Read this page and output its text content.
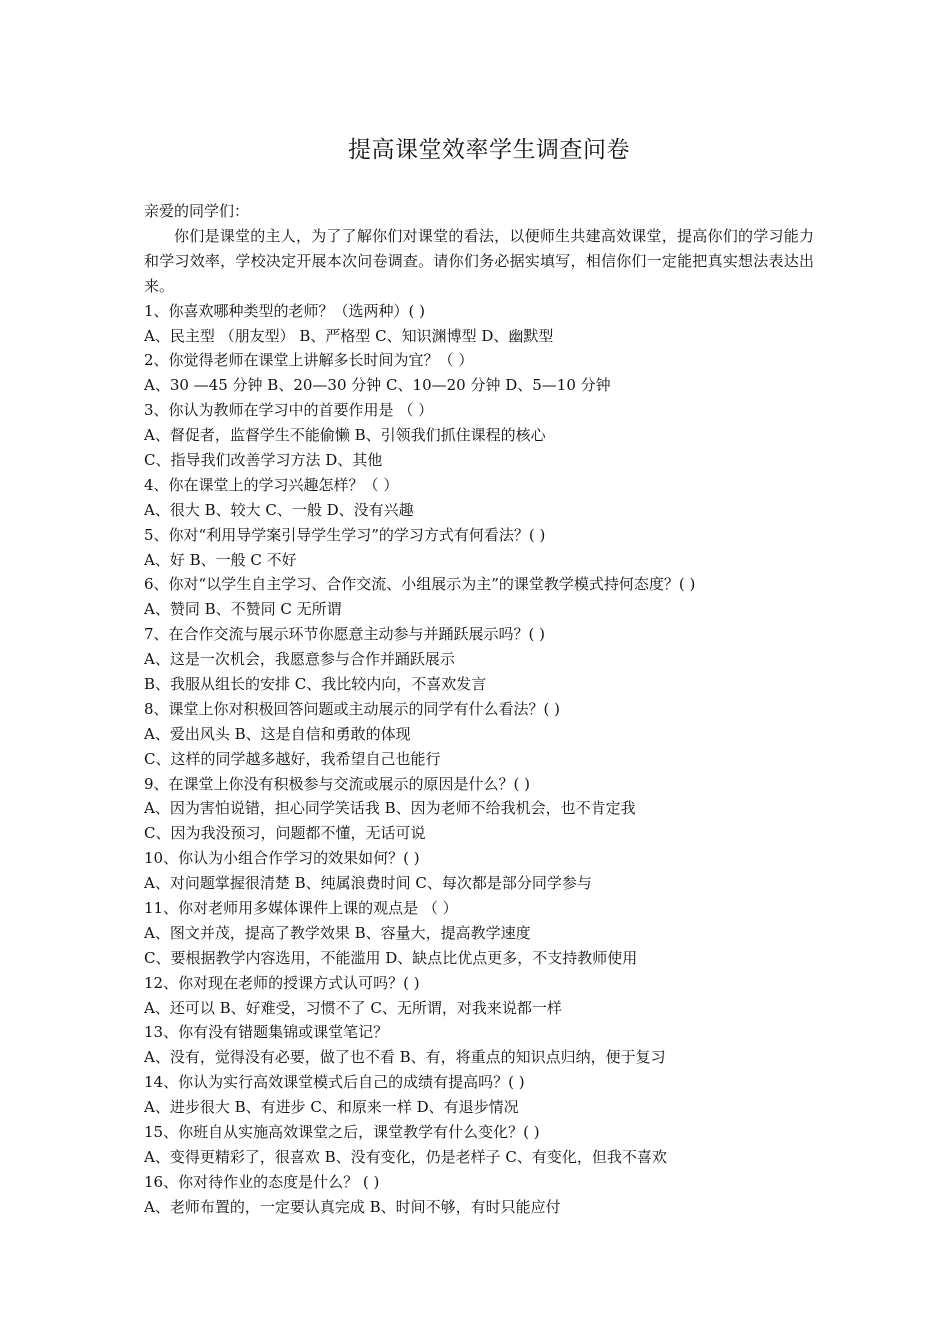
提高课堂效率学生调查问卷
亲爱的同学们：
你们是课堂的主人，为了了解你们对课堂的看法，以便师生共建高效课堂，提高你们的学习能力和学习效率，学校决定开展本次问卷调查。请你们务必据实填写，相信你们一定能把真实想法表达出来。
1、你喜欢哪种类型的老师？（选两种）( )
A、民主型 （朋友型） B、严格型 C、知识渊博型 D、幽默型
2、你觉得老师在课堂上讲解多长时间为宜？（ ）
A、30 —45 分钟 B、20—30 分钟 C、10—20 分钟 D、5—10 分钟
3、你认为教师在学习中的首要作用是 （ ）
A、督促者，监督学生不能偷懒 B、引领我们抓住课程的核心
C、指导我们改善学习方法 D、其他
4、你在课堂上的学习兴趣怎样？（ ）
A、很大 B、较大 C、一般 D、没有兴趣
5、你对“利用导学案引导学生学习”的学习方式有何看法？( )
A、好 B、一般 C 不好
6、你对“以学生自主学习、合作交流、小组展示为主”的课堂教学模式持何态度？( )
A、赞同 B、不赞同 C 无所谓
7、在合作交流与展示环节你愿意主动参与并踊跃展示吗？( )
A、这是一次机会，我愿意参与合作并踊跃展示
B、我服从组长的安排 C、我比较内向，不喜欢发言
8、课堂上你对积极回答问题或主动展示的同学有什么看法？( )
A、爱出风头 B、这是自信和勇敢的体现
C、这样的同学越多越好，我希望自己也能行
9、在课堂上你没有积极参与交流或展示的原因是什么？( )
A、因为害怕说错，担心同学笑话我 B、因为老师不给我机会，也不肯定我
C、因为我没预习，问题都不懂，无话可说
10、你认为小组合作学习的效果如何？( )
A、对问题掌握很清楚 B、纯属浪费时间 C、每次都是部分同学参与
11、你对老师用多媒体课件上课的观点是 （ ）
A、图文并茂，提高了教学效果 B、容量大，提高教学速度
C、要根据教学内容选用，不能滥用 D、缺点比优点更多，不支持教师使用
12、你对现在老师的授课方式认可吗？( )
A、还可以 B、好难受，习惯不了 C、无所谓，对我来说都一样
13、你有没有错题集锦或课堂笔记？
A、没有，觉得没有必要，做了也不看 B、有，将重点的知识点归纳，便于复习
14、你认为实行高效课堂模式后自己的成绩有提高吗？( )
A、进步很大 B、有进步 C、和原来一样 D、有退步情况
15、你班自从实施高效课堂之后，课堂教学有什么变化？( )
A、变得更精彩了，很喜欢 B、没有变化，仍是老样子 C、有变化，但我不喜欢
16、你对待作业的态度是什么？ ( )
A、老师布置的，一定要认真完成 B、时间不够，有时只能应付
